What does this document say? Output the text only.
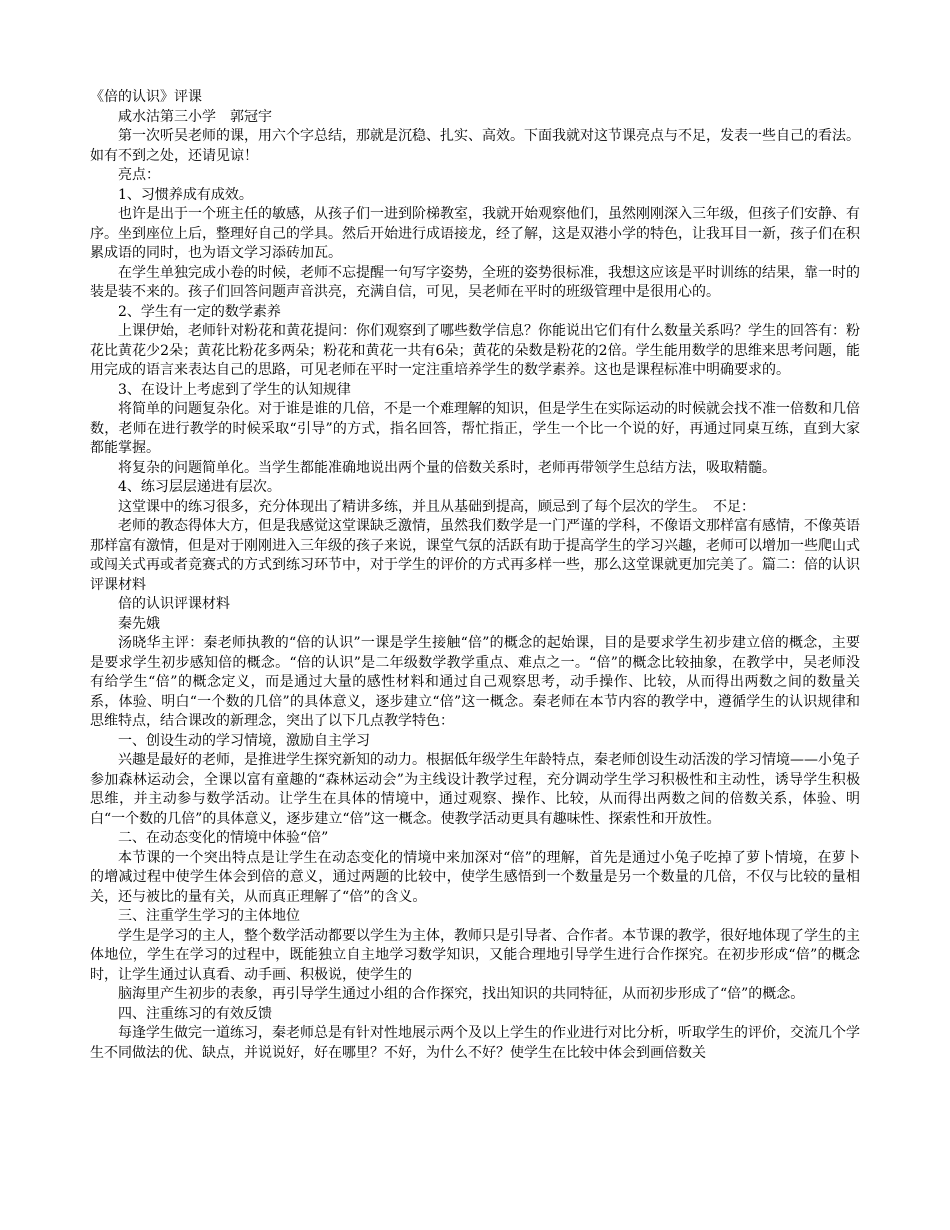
《倍的认识》评课

咸水沽第三小学　郭冠宇

第一次听吴老师的课，用六个字总结，那就是沉稳、扎实、高效。下面我就对这节课亮点与不足，发表一些自己的看法。如有不到之处，还请见谅！

亮点：

1、习惯养成有成效。

也许是出于一个班主任的敏感，从孩子们一进到阶梯教室，我就开始观察他们，虽然刚刚深入三年级，但孩子们安静、有序。坐到座位上后，整理好自己的学具。然后开始进行成语接龙，经了解，这是双港小学的特色，让我耳目一新，孩子们在积累成语的同时，也为语文学习添砖加瓦。

在学生单独完成小卷的时候，老师不忘提醒一句写字姿势，全班的姿势很标准，我想这应该是平时训练的结果，靠一时的装是装不来的。孩子们回答问题声音洪亮，充满自信，可见，吴老师在平时的班级管理中是很用心的。

2、学生有一定的数学素养

上课伊始，老师针对粉花和黄花提问：你们观察到了哪些数学信息？你能说出它们有什么数量关系吗？学生的回答有：粉花比黄花少2朵；黄花比粉花多两朵；粉花和黄花一共有6朵；黄花的朵数是粉花的2倍。学生能用数学的思维来思考问题，能用完成的语言来表达自己的思路，可见老师在平时一定注重培养学生的数学素养。这也是课程标准中明确要求的。

3、在设计上考虑到了学生的认知规律

将简单的问题复杂化。对于谁是谁的几倍，不是一个难理解的知识，但是学生在实际运动的时候就会找不准一倍数和几倍数，老师在进行教学的时候采取“引导”的方式，指名回答，帮忙指正，学生一个比一个说的好，再通过同桌互练，直到大家都能掌握。

将复杂的问题简单化。当学生都能准确地说出两个量的倍数关系时，老师再带领学生总结方法，吸取精髓。

4、练习层层递进有层次。

这堂课中的练习很多，充分体现出了精讲多练，并且从基础到提高，顾忌到了每个层次的学生。　不足：

老师的教态得体大方，但是我感觉这堂课缺乏激情，虽然我们数学是一门严谨的学科，不像语文那样富有感情，不像英语那样富有激情，但是对于刚刚进入三年级的孩子来说，课堂气氛的活跃有助于提高学生的学习兴趣，老师可以增加一些爬山式或闯关式再或者竞赛式的方式到练习环节中，对于学生的评价的方式再多样一些，那么这堂课就更加完美了。篇二：倍的认识评课材料

倍的认识评课材料

秦先娥

汤晓华主评：秦老师执教的“倍的认识”一课是学生接触“倍”的概念的起始课，目的是要求学生初步建立倍的概念，主要是要求学生初步感知倍的概念。“倍的认识”是二年级数学教学重点、难点之一。“倍”的概念比较抽象，在教学中，吴老师没有给学生“倍”的概念定义，而是通过大量的感性材料和通过自己观察思考，动手操作、比较，从而得出两数之间的数量关系，体验、明白“一个数的几倍”的具体意义，逐步建立“倍”这一概念。秦老师在本节内容的教学中，遵循学生的认识规律和思维特点，结合课改的新理念，突出了以下几点教学特色：

一、创设生动的学习情境，激励自主学习

兴趣是最好的老师，是推进学生探究新知的动力。根据低年级学生年龄特点，秦老师创设生动活泼的学习情境——小兔子参加森林运动会，全课以富有童趣的“森林运动会”为主线设计教学过程，充分调动学生学习积极性和主动性，诱导学生积极思维，并主动参与数学活动。让学生在具体的情境中，通过观察、操作、比较，从而得出两数之间的倍数关系，体验、明白“一个数的几倍”的具体意义，逐步建立“倍”这一概念。使教学活动更具有趣味性、探索性和开放性。

二、在动态变化的情境中体验“倍”

本节课的一个突出特点是让学生在动态变化的情境中来加深对“倍”的理解，首先是通过小兔子吃掉了萝卜情境，在萝卜的增减过程中使学生体会到倍的意义，通过两题的比较中，使学生感悟到一个数量是另一个数量的几倍，不仅与比较的量相关，还与被比的量有关，从而真正理解了“倍”的含义。

三、注重学生学习的主体地位

学生是学习的主人，整个数学活动都要以学生为主体，教师只是引导者、合作者。本节课的教学，很好地体现了学生的主体地位，学生在学习的过程中，既能独立自主地学习数学知识，又能合理地引导学生进行合作探究。在初步形成“倍”的概念时，让学生通过认真看、动手画、积极说，使学生的

脑海里产生初步的表象，再引导学生通过小组的合作探究，找出知识的共同特征，从而初步形成了“倍”的概念。

四、注重练习的有效反馈

每逢学生做完一道练习，秦老师总是有针对性地展示两个及以上学生的作业进行对比分析，听取学生的评价，交流几个学生不同做法的优、缺点，并说说好，好在哪里？不好，为什么不好？使学生在比较中体会到画倍数关
